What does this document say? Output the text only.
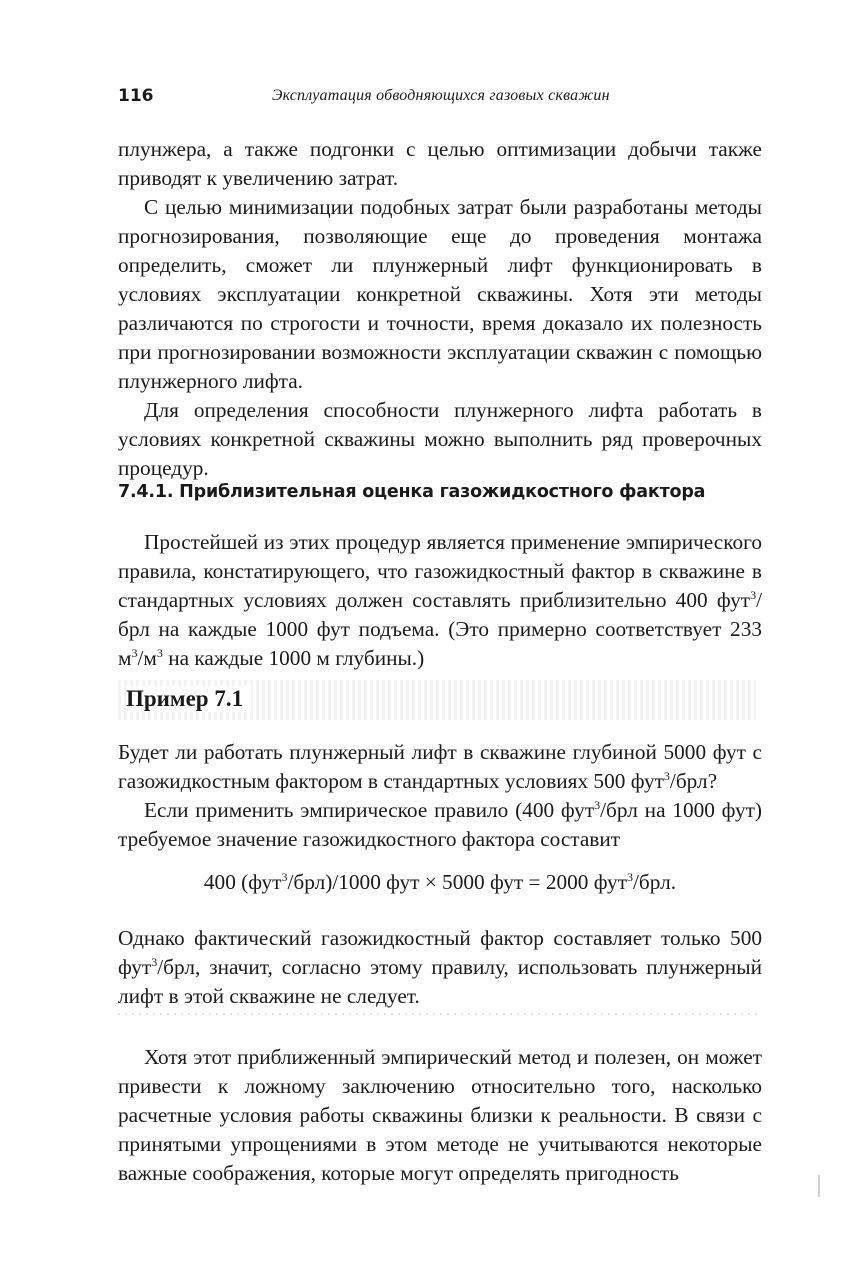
116	Эксплуатация обводняющихся газовых скважин

плунжера, а также подгонки с целью оптимизации добычи также приводят к увеличению затрат.

С целью минимизации подобных затрат были разработаны методы прогнозирования, позволяющие еще до проведения монтажа определить, сможет ли плунжерный лифт функционировать в условиях эксплуатации конкретной скважины. Хотя эти методы различаются по строгости и точности, время доказало их полезность при прогнозировании возможности эксплуатации скважин с помощью плунжерного лифта.

Для определения способности плунжерного лифта работать в условиях конкретной скважины можно выполнить ряд проверочных процедур.

7.4.1. Приблизительная оценка газожидкостного фактора

Простейшей из этих процедур является применение эмпирического правила, констатирующего, что газожидкостный фактор в скважине в стандартных условиях должен составлять приблизительно 400 фут$^3$/брл на каждые 1000 фут подъема. (Это примерно соответствует 233 $м^3/м^3$ на каждые 1000 м глубины.)

Пример 7.1

Будет ли работать плунжерный лифт в скважине глубиной 5000 фут с газожидкостным фактором в стандартных условиях 500 фут$^3$/брл?

Если применить эмпирическое правило (400 фут$^3$/брл на 1000 фут) требуемое значение газожидкостного фактора составит

400 (фут$^3$/брл)/1000 фут × 5000 фут = 2000 фут$^3$/брл.

Однако фактический газожидкостный фактор составляет только 500 фут$^3$/брл, значит, согласно этому правилу, использовать плунжерный лифт в этой скважине не следует.

Хотя этот приближенный эмпирический метод и полезен, он может привести к ложному заключению относительно того, насколько расчетные условия работы скважины близки к реальности. В связи с принятыми упрощениями в этом методе не учитываются некоторые важные соображения, которые могут определять пригодность
